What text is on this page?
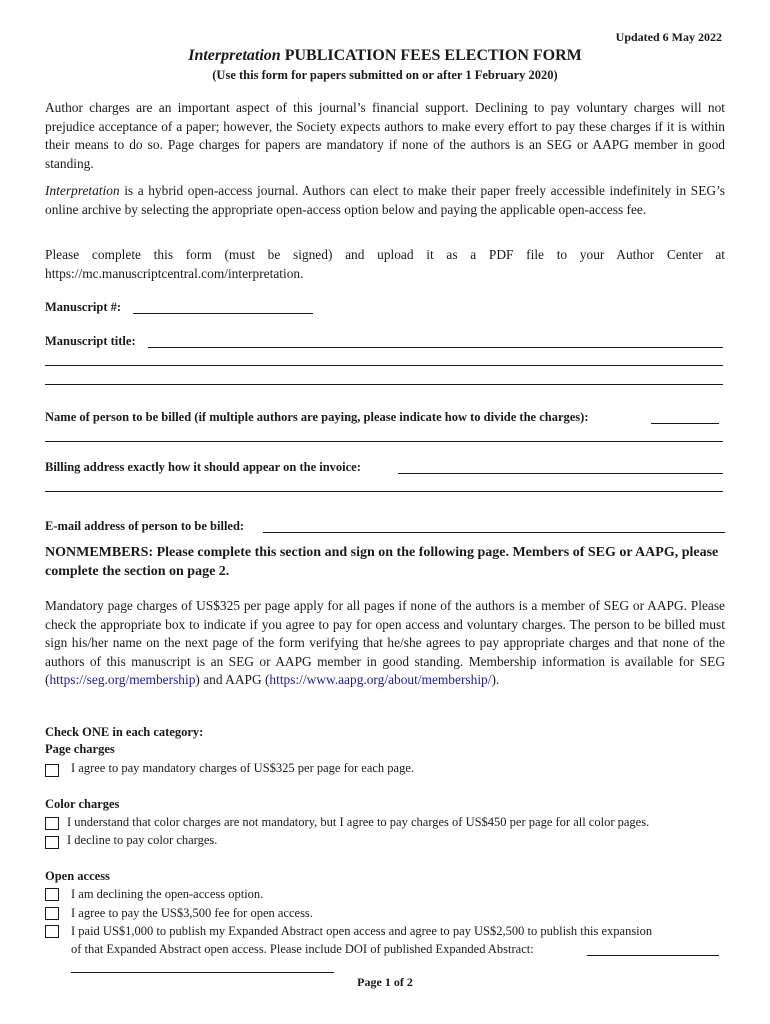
Updated 6 May 2022
Interpretation PUBLICATION FEES ELECTION FORM
(Use this form for papers submitted on or after 1 February 2020)
Author charges are an important aspect of this journal’s financial support. Declining to pay voluntary charges will not prejudice acceptance of a paper; however, the Society expects authors to make every effort to pay these charges if it is within their means to do so. Page charges for papers are mandatory if none of the authors is an SEG or AAPG member in good standing.
Interpretation is a hybrid open-access journal. Authors can elect to make their paper freely accessible indefinitely in SEG’s online archive by selecting the appropriate open-access option below and paying the applicable open-access fee.
Please complete this form (must be signed) and upload it as a PDF file to your Author Center at https://mc.manuscriptcentral.com/interpretation.
Manuscript #:
Manuscript title:
Name of person to be billed (if multiple authors are paying, please indicate how to divide the charges):
Billing address exactly how it should appear on the invoice:
E-mail address of person to be billed:
NONMEMBERS: Please complete this section and sign on the following page. Members of SEG or AAPG, please complete the section on page 2.
Mandatory page charges of US$325 per page apply for all pages if none of the authors is a member of SEG or AAPG. Please check the appropriate box to indicate if you agree to pay for open access and voluntary charges. The person to be billed must sign his/her name on the next page of the form verifying that he/she agrees to pay appropriate charges and that none of the authors of this manuscript is an SEG or AAPG member in good standing. Membership information is available for SEG (https://seg.org/membership) and AAPG (https://www.aapg.org/about/membership/).
Check ONE in each category:
Page charges
I agree to pay mandatory charges of US$325 per page for each page.
Color charges
I understand that color charges are not mandatory, but I agree to pay charges of US$450 per page for all color pages.
I decline to pay color charges.
Open access
I am declining the open-access option.
I agree to pay the US$3,500 fee for open access.
I paid US$1,000 to publish my Expanded Abstract open access and agree to pay US$2,500 to publish this expansion
of that Expanded Abstract open access. Please include DOI of published Expanded Abstract:
Page 1 of 2
